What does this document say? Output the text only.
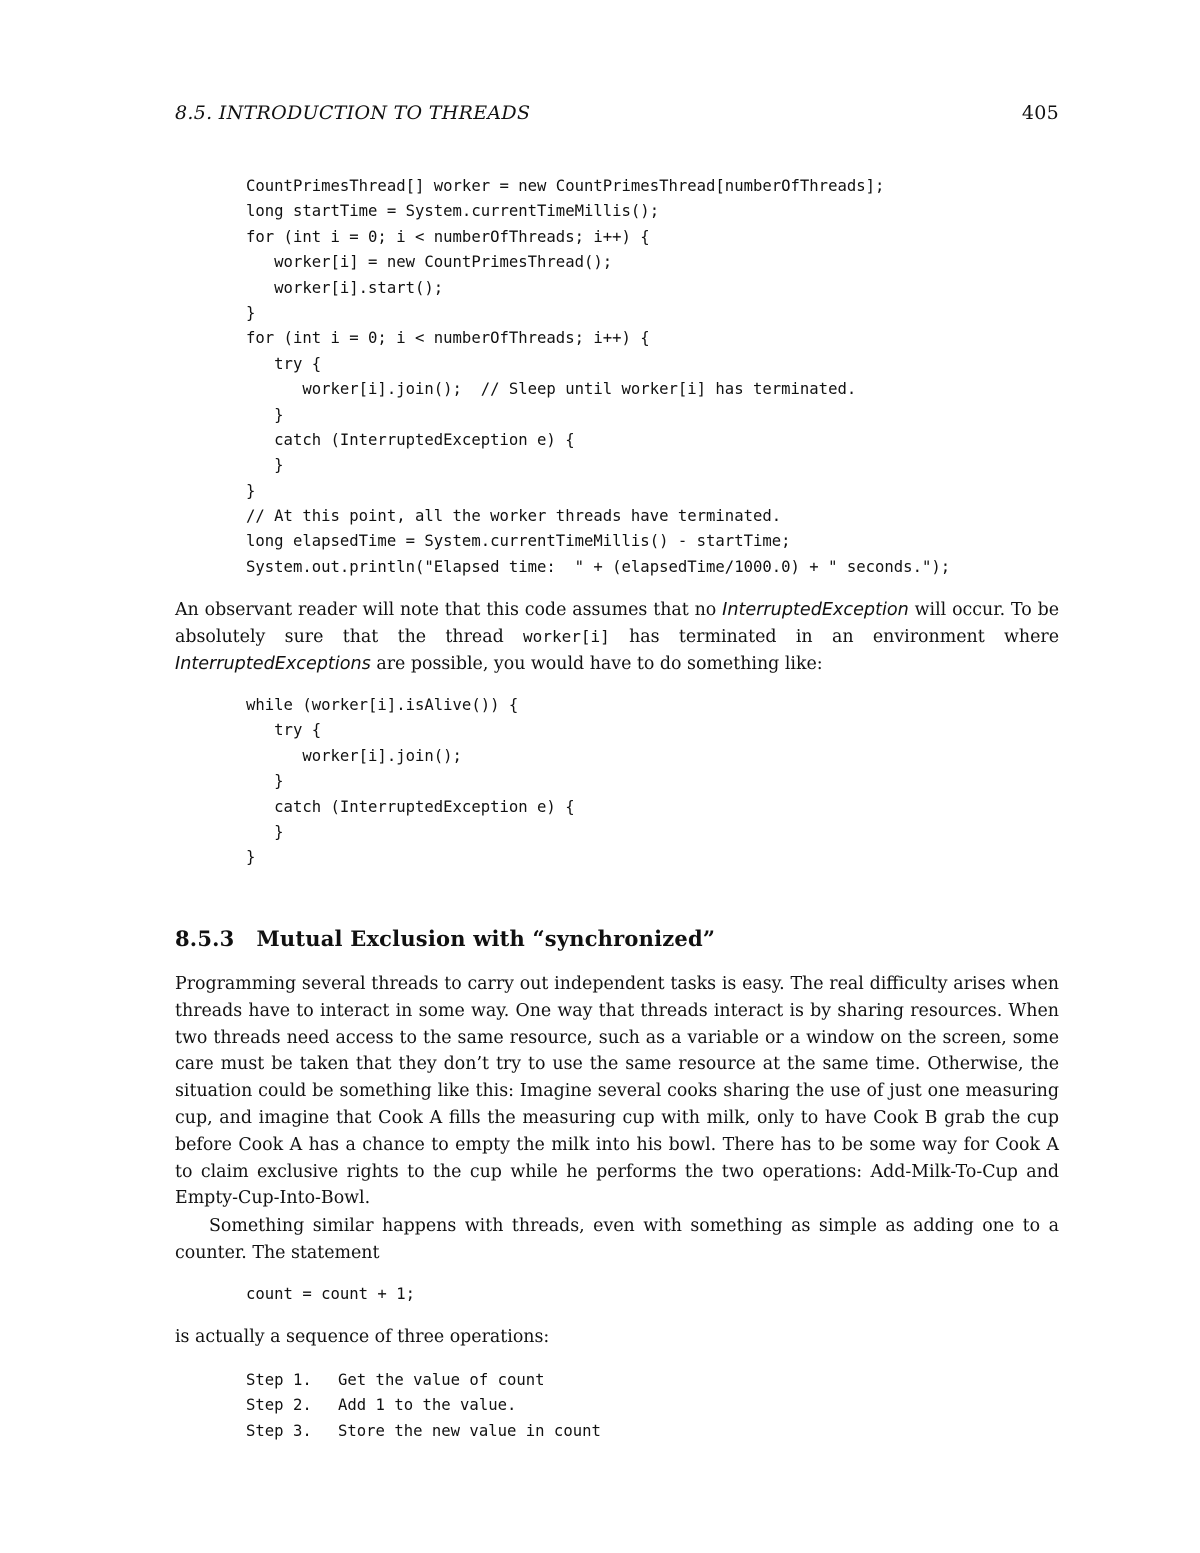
8.5. INTRODUCTION TO THREADS	405
CountPrimesThread[] worker = new CountPrimesThread[numberOfThreads];
long startTime = System.currentTimeMillis();
for (int i = 0; i < numberOfThreads; i++) {
worker[i] = new CountPrimesThread();
worker[i].start();
}
for (int i = 0; i < numberOfThreads; i++) {
try {
worker[i].join();  // Sleep until worker[i] has terminated.
}
catch (InterruptedException e) {
}
}
// At this point, all the worker threads have terminated.
long elapsedTime = System.currentTimeMillis() - startTime;
System.out.println("Elapsed time:  " + (elapsedTime/1000.0) + " seconds.");

An observant reader will note that this code assumes that no InterruptedException will occur. To be absolutely sure that the thread worker[i] has terminated in an environment where InterruptedExceptions are possible, you would have to do something like:

while (worker[i].isAlive()) {
try {
worker[i].join();
}
catch (InterruptedException e) {
}
}
8.5.3 Mutual Exclusion with “synchronized”

Programming several threads to carry out independent tasks is easy. The real difficulty arises when threads have to interact in some way. One way that threads interact is by sharing resources. When two threads need access to the same resource, such as a variable or a window on the screen, some care must be taken that they don’t try to use the same resource at the same time. Otherwise, the situation could be something like this: Imagine several cooks sharing the use of just one measuring cup, and imagine that Cook A fills the measuring cup with milk, only to have Cook B grab the cup before Cook A has a chance to empty the milk into his bowl. There has to be some way for Cook A to claim exclusive rights to the cup while he performs the two operations: Add-Milk-To-Cup and Empty-Cup-Into-Bowl.

Something similar happens with threads, even with something as simple as adding one to a counter. The statement

count = count + 1;

is actually a sequence of three operations:

Step 1. Get the value of count
Step 2. Add 1 to the value.
Step 3. Store the new value in count
